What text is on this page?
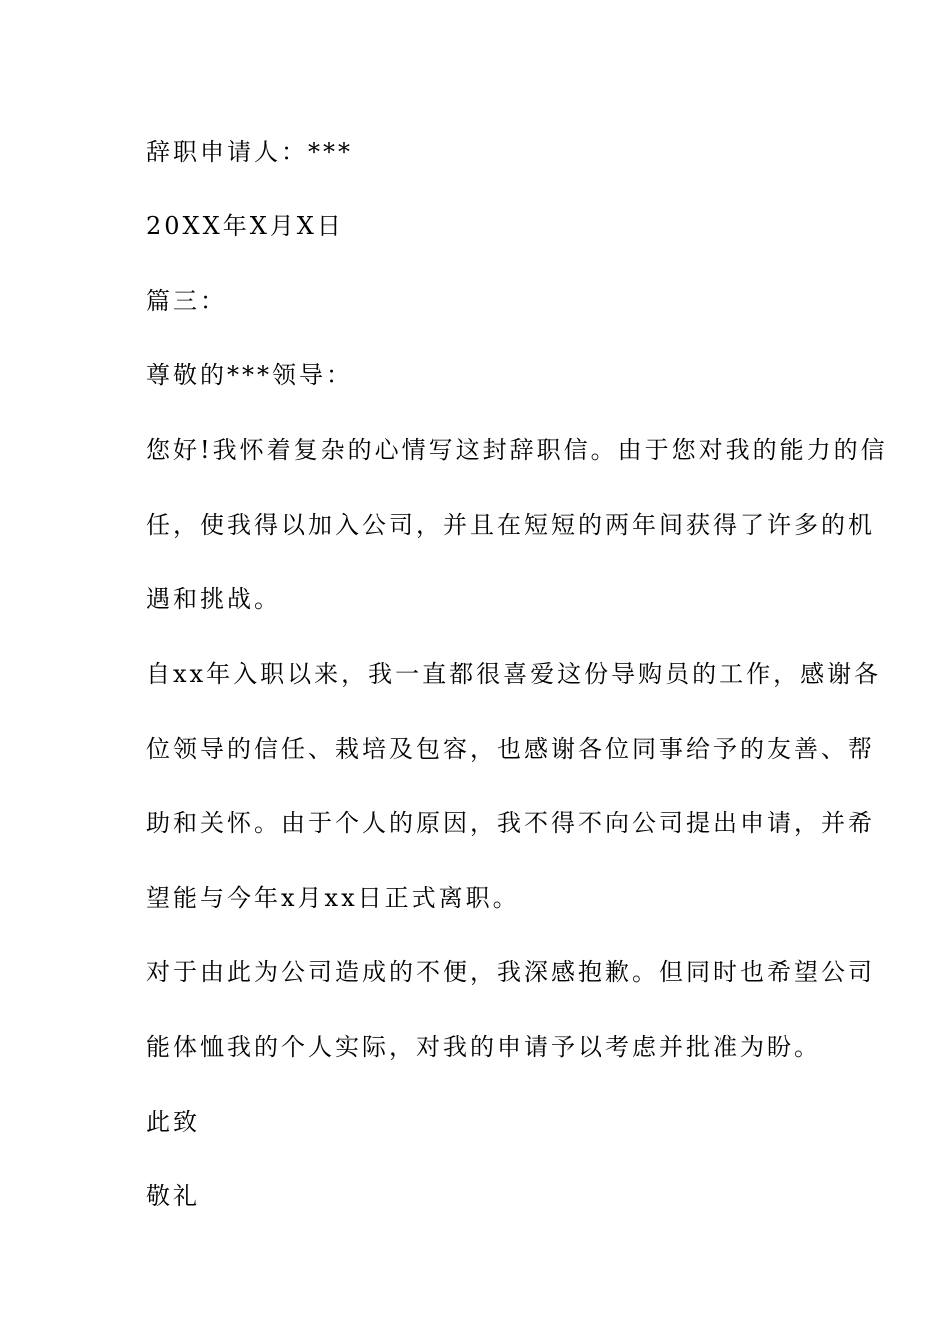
辞职申请人：***
20XX年X月X日
篇三：
尊敬的***领导：
您好!我怀着复杂的心情写这封辞职信。由于您对我的能力的信
任，使我得以加入公司，并且在短短的两年间获得了许多的机
遇和挑战。
自xx年入职以来，我一直都很喜爱这份导购员的工作，感谢各
位领导的信任、栽培及包容，也感谢各位同事给予的友善、帮
助和关怀。由于个人的原因，我不得不向公司提出申请，并希
望能与今年x月xx日正式离职。
对于由此为公司造成的不便，我深感抱歉。但同时也希望公司
能体恤我的个人实际，对我的申请予以考虑并批准为盼。
此致
敬礼
